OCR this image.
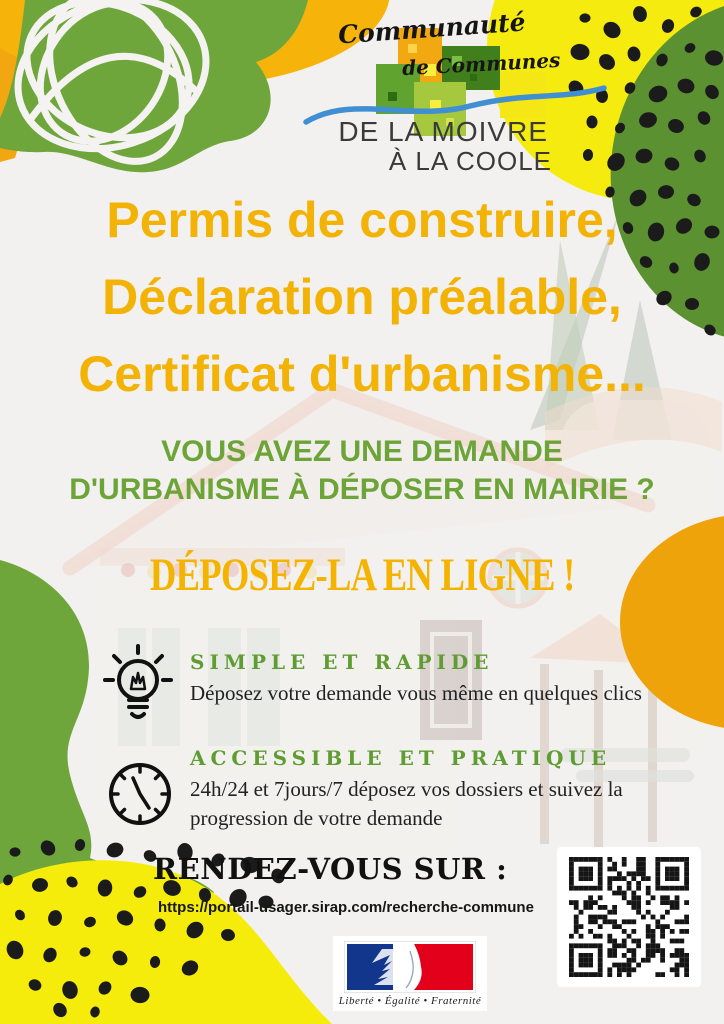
Communauté
de Communes
DE LA MOIVRE
À LA COOLE
Permis de construire,
Déclaration préalable,
Certificat d'urbanisme...
VOUS AVEZ UNE DEMANDE
D'URBANISME À DÉPOSER EN MAIRIE ?
DÉPOSEZ-LA EN LIGNE !
SIMPLE ET RAPIDE
Déposez votre demande vous même en quelques clics
ACCESSIBLE ET PRATIQUE
24h/24 et 7jours/7 déposez vos dossiers et suivez la progression de votre demande
RENDEZ-VOUS SUR :
https://portail-usager.sirap.com/recherche-commune
Liberté • Égalité • Fraternité
